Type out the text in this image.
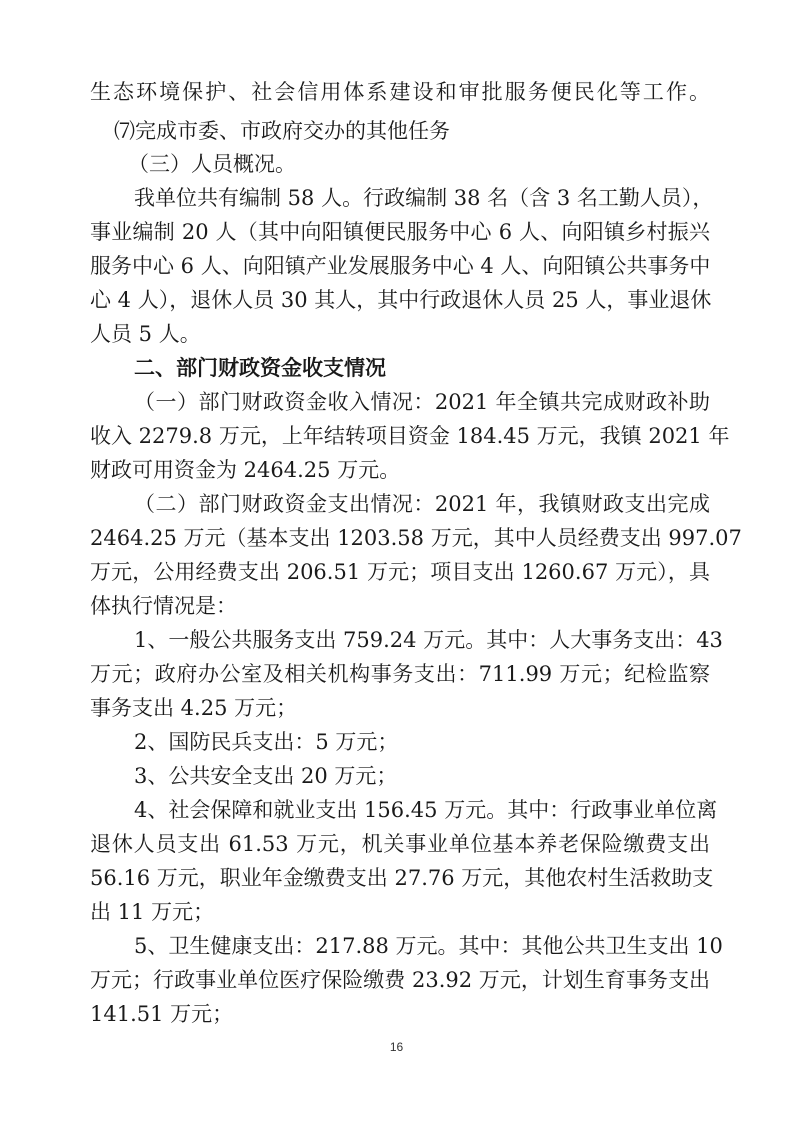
生态环境保护、社会信用体系建设和审批服务便民化等工作。
⑺完成市委、市政府交办的其他任务
（三）人员概况。
我单位共有编制 58 人。行政编制 38 名（含 3 名工勤人员），
事业编制 20 人（其中向阳镇便民服务中心 6 人、向阳镇乡村振兴
服务中心 6 人、向阳镇产业发展服务中心 4 人、向阳镇公共事务中
心 4 人），退休人员 30 其人，其中行政退休人员 25 人，事业退休
人员 5 人。
二、部门财政资金收支情况
（一）部门财政资金收入情况：2021 年全镇共完成财政补助
收入 2279.8 万元，上年结转项目资金 184.45 万元，我镇 2021 年
财政可用资金为 2464.25 万元。
（二）部门财政资金支出情况：2021 年，我镇财政支出完成
2464.25 万元（基本支出 1203.58 万元，其中人员经费支出 997.07
万元，公用经费支出 206.51 万元；项目支出 1260.67 万元），具
体执行情况是：
1、一般公共服务支出 759.24 万元。其中：人大事务支出：43
万元；政府办公室及相关机构事务支出：711.99 万元；纪检监察
事务支出 4.25 万元；
2、国防民兵支出：5 万元；
3、公共安全支出 20 万元；
4、社会保障和就业支出 156.45 万元。其中：行政事业单位离
退休人员支出 61.53 万元，机关事业单位基本养老保险缴费支出
56.16 万元，职业年金缴费支出 27.76 万元，其他农村生活救助支
出 11 万元；
5、卫生健康支出：217.88 万元。其中：其他公共卫生支出 10
万元；行政事业单位医疗保险缴费 23.92 万元，计划生育事务支出
141.51 万元；
16
